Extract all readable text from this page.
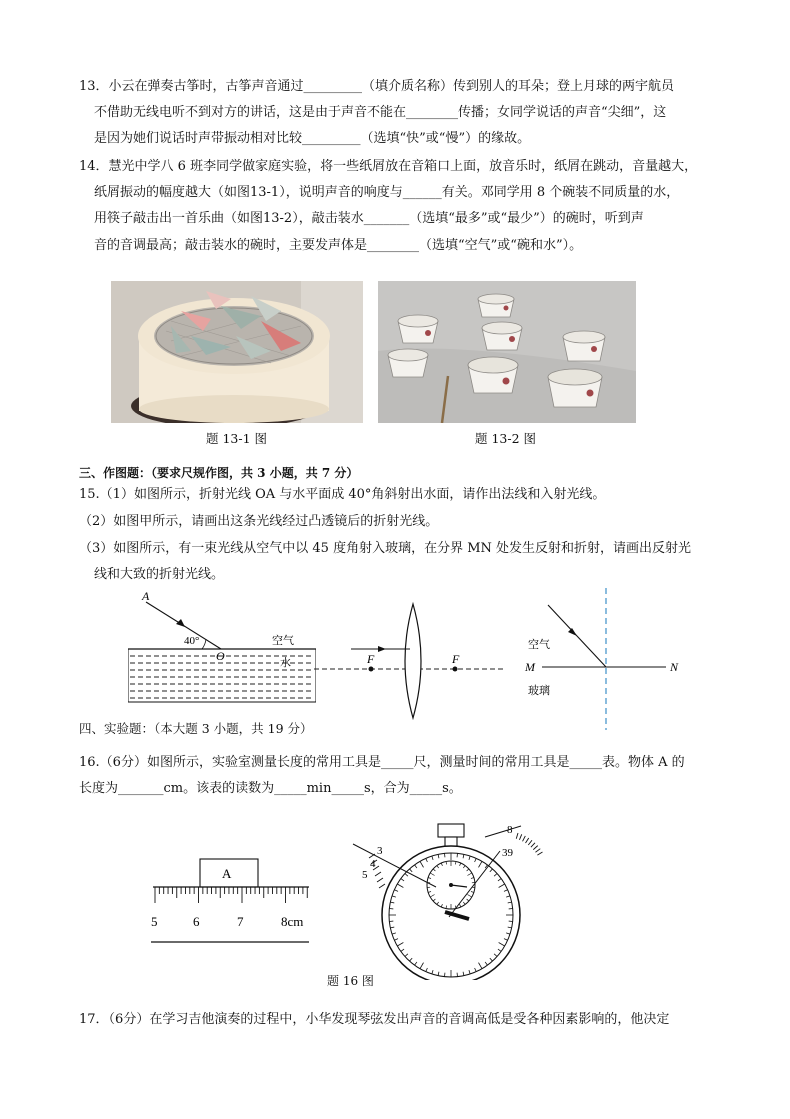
13．小云在弹奏古筝时，古筝声音通过_________（填介质名称）传到别人的耳朵；登上月球的两宇航员
不借助无线电听不到对方的讲话，这是由于声音不能在________传播；女同学说话的声音“尖细”，这
是因为她们说话时声带振动相对比较_________（选填“快”或“慢”）的缘故。
14．慧光中学八 6 班李同学做家庭实验，将一些纸屑放在音箱口上面，放音乐时，纸屑在跳动，音量越大，
纸屑振动的幅度越大（如图13-1），说明声音的响度与______有关。邓同学用 8 个碗装不同质量的水，
用筷子敲击出一首乐曲（如图13-2），敲击装水_______（选填“最多”或“最少”）的碗时，听到声
音的音调最高；敲击装水的碗时，主要发声体是________（选填“空气”或“碗和水”）。
题 13-1 图	题 13-2 图
三、作图题：（要求尺规作图，共 3 小题，共 7 分）
15.（1）如图所示，折射光线 OA 与水平面成 40°角斜射出水面，请作出法线和入射光线。
（2）如图甲所示，请画出这条光线经过凸透镜后的折射光线。
（3）如图所示，有一束光线从空气中以 45 度角射入玻璃，在分界 MN 处发生反射和折射，请画出反射光
线和大致的折射光线。
A
40°
O
空气
水	F	F
空气
M	N
玻璃
四、实验题：（本大题 3 小题，共 19 分）
16.（6分）如图所示，实验室测量长度的常用工具是_____尺，测量时间的常用工具是_____表。物体 A 的
长度为_______cm。该表的读数为_____min_____s，合为_____s。
A
5	6	7	8cm
3
4
5
8
39
题 16 图
17．（6分）在学习吉他演奏的过程中，小华发现琴弦发出声音的音调高低是受各种因素影响的，他决定
